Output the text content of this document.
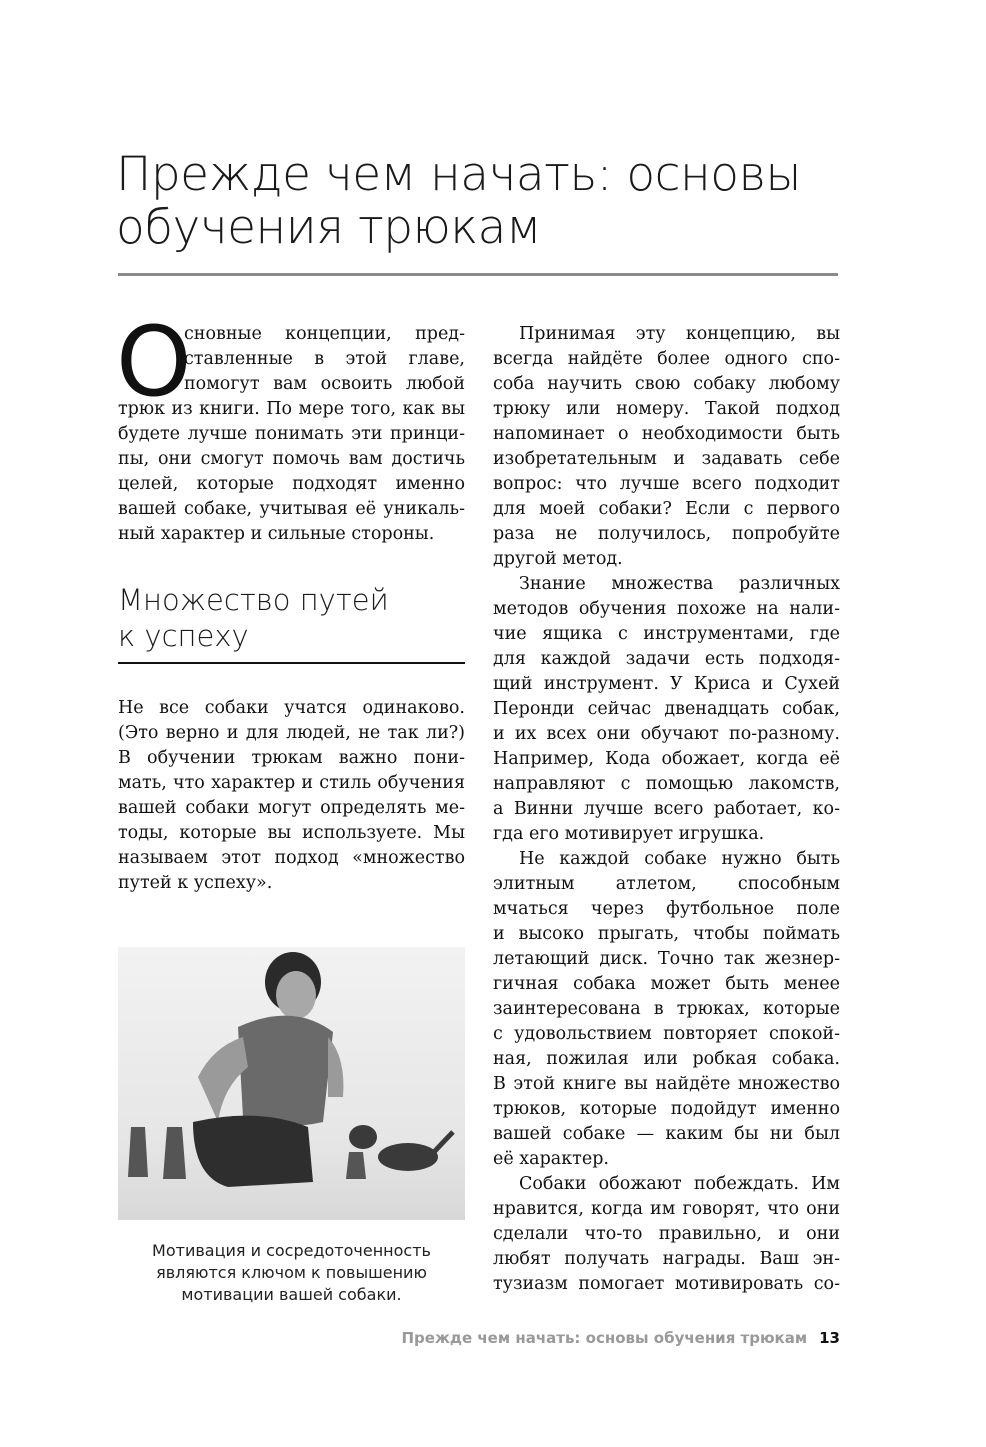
Прежде чем начать: основы
обучения трюкам
О
сновные концепции, пред-
ставленные в этой главе,
помогут вам освоить любой
трюк из книги. По мере того, как вы
будете лучше понимать эти принци-
пы, они смогут помочь вам достичь
целей, которые подходят именно
вашей собаке, учитывая её уникаль-
ный характер и сильные стороны.
Множество путей
к успеху
Не все собаки учатся одинаково.
(Это верно и для людей, не так ли?)
В обучении трюкам важно пони-
мать, что характер и стиль обучения
вашей собаки могут определять ме-
тоды, которые вы используете. Мы
называем этот подход «множество
путей к успеху».
Мотивация и сосредоточенность
являются ключом к повышению
мотивации вашей собаки.
Принимая эту концепцию, вы
всегда найдёте более одного спо-
соба научить свою собаку любому
трюку или номеру. Такой подход
напоминает о необходимости быть
изобретательным и задавать себе
вопрос: что лучше всего подходит
для моей собаки? Если с первого
раза не получилось, попробуйте
другой метод.
Знание множества различных
методов обучения похоже на нали-
чие ящика с инструментами, где
для каждой задачи есть подходя-
щий инструмент. У Криса и Сухей
Перонди сейчас двенадцать собак,
и их всех они обучают по-разному.
Например, Кода обожает, когда её
направляют с помощью лакомств,
а Винни лучше всего работает, ко-
гда его мотивирует игрушка.
Не каждой собаке нужно быть
элитным атлетом, способным
мчаться через футбольное поле
и высоко прыгать, чтобы поймать
летающий диск. Точно так жезнер-
гичная собака может быть менее
заинтересована в трюках, которые
с удовольствием повторяет спокой-
ная, пожилая или робкая собака.
В этой книге вы найдёте множество
трюков, которые подойдут именно
вашей собаке — каким бы ни был
её характер.
Собаки обожают побеждать. Им
нравится, когда им говорят, что они
сделали что-то правильно, и они
любят получать награды. Ваш эн-
тузиазм помогает мотивировать со-
Прежде чем начать: основы обучения трюкам 13
